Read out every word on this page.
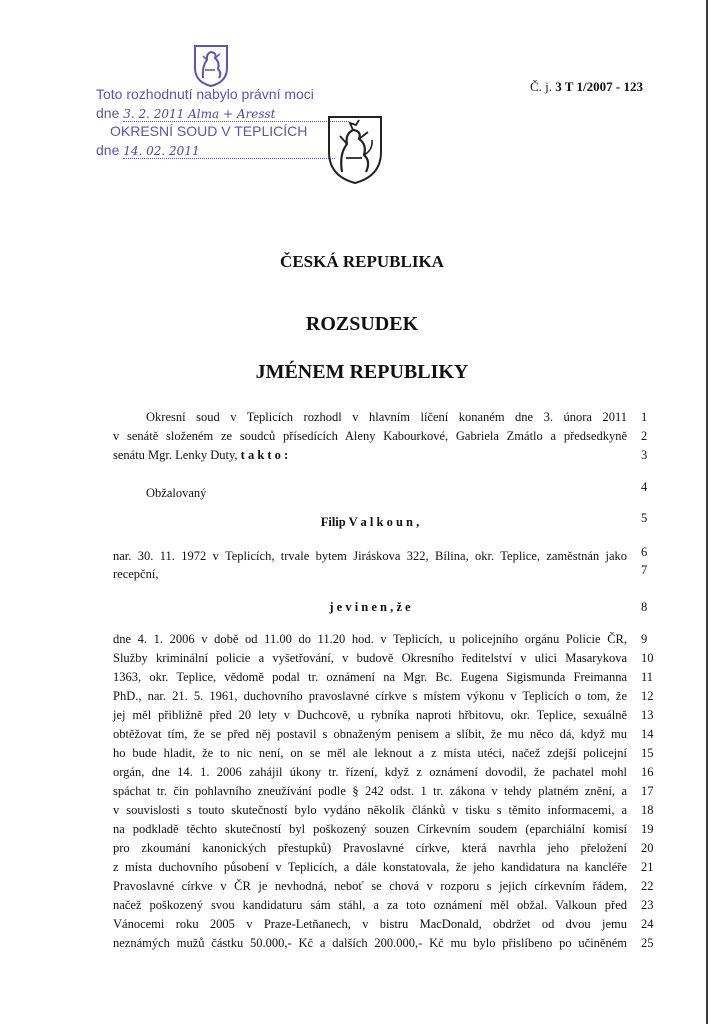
Č. j. 3 T 1/2007 - 123
Toto rozhodnutí nabylo právní moci
dne 3. 2. 2011 Alma + Aresst
OKRESNÍ SOUD V TEPLICÍCH
dne 14. 02. 2011
ČESKÁ REPUBLIKA
ROZSUDEK
JMÉNEM REPUBLIKY
Okresní soud v Teplicích rozhodl v hlavním líčení konaném dne 3. února 2011 1
v senátě složeném ze soudců přísedících Aleny Kabourkové, Gabriela Zmátlo a předsedkyně 2
senátu Mgr. Lenky Duty, t a k t o :	3
Obžalovaný	4
Filip V a l k o u n ,	5
nar. 30. 11. 1972 v Teplicích, trvale bytem Jiráskova 322, Bílina, okr. Teplice, zaměstnán jako 6
recepční,	7
j e v i n e n , ž e	8
dne 4. 1. 2006 v době od 11.00 do 11.20 hod. v Teplicích, u policejního orgánu Policie ČR, 9
Služby kriminální policie a vyšetřování, v budově Okresního ředitelství v ulici Masarykova 10
1363, okr. Teplice, vědomě podal tr. oznámení na Mgr. Bc. Eugena Sigismunda Freimanna 11
PhD., nar. 21. 5. 1961, duchovního pravoslavné církve s místem výkonu v Teplicích o tom, že 12
jej měl přibližně před 20 lety v Duchcově, u rybníka naproti hřbitovu, okr. Teplice, sexuálně 13
obtěžovat tím, že se před něj postavil s obnaženým penisem a slíbit, že mu něco dá, když mu 14
ho bude hladit, že to nic není, on se měl ale leknout a z místa utéci, načež zdejší policejní 15
orgán, dne 14. 1. 2006 zahájil úkony tr. řízení, když z oznámení dovodil, že pachatel mohl 16
spáchat tr. čin pohlavního zneužívání podle § 242 odst. 1 tr. zákona v tehdy platném znění, a 17
v souvislosti s touto skutečností bylo vydáno několik článků v tisku s těmito informacemi, a 18
na podkladě těchto skutečností byl poškozený souzen Církevním soudem (eparchiální komisí 19
pro zkoumání kanonických přestupků) Pravoslavné církve, která navrhla jeho přeložení 20
z místa duchovního působení v Teplicích, a dále konstatovala, že jeho kandidatura na kancléře 21
Pravoslavné církve v ČR je nevhodná, neboť se chová v rozporu s jejich církevním řádem, 22
načež poškozený svou kandidaturu sám stáhl, a za toto oznámení měl obžal. Valkoun před 23
Vánocemi roku 2005 v Praze-Letňanech, v bistru MacDonald, obdržet od dvou jemu 24
neznámých mužů částku 50.000,- Kč a dalších 200.000,- Kč mu bylo přislíbeno po učiněném 25
